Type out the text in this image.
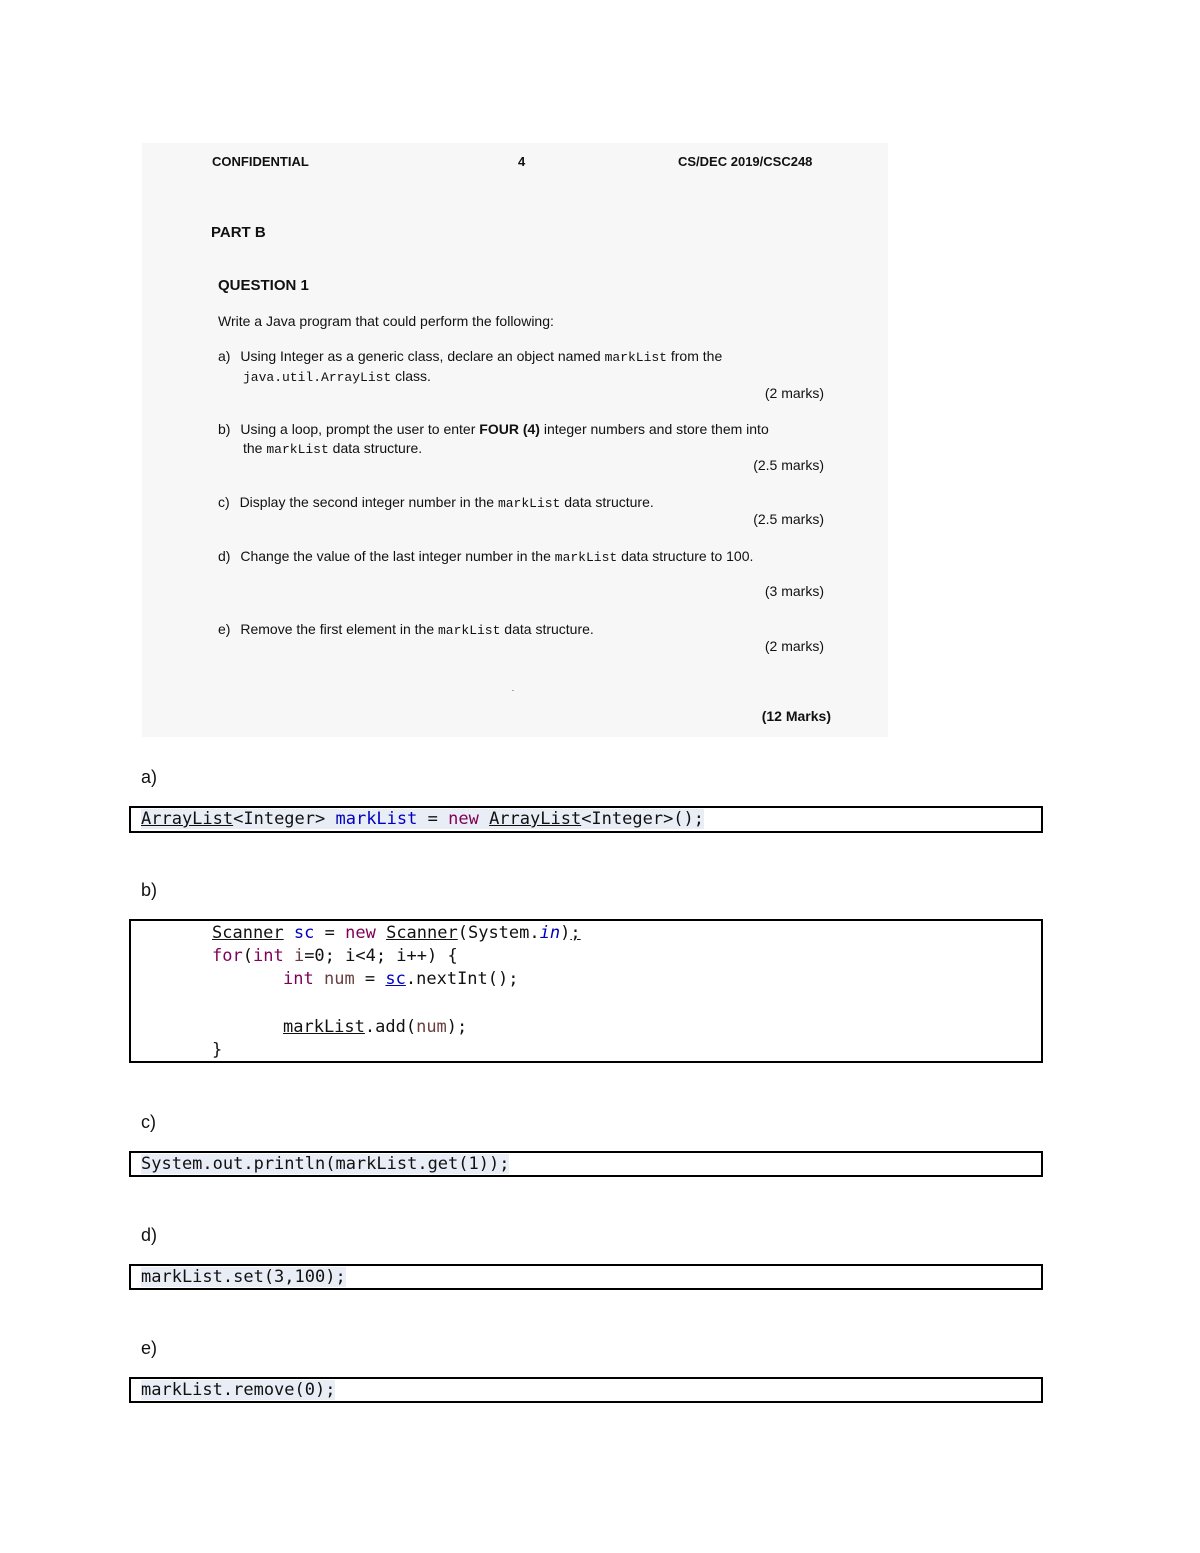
CONFIDENTIAL	4	CS/DEC 2019/CSC248
PART B
QUESTION 1
Write a Java program that could perform the following:
a) Using Integer as a generic class, declare an object named markList from the
java.util.ArrayList class.
(2 marks)
b) Using a loop, prompt the user to enter FOUR (4) integer numbers and store them into
the markList data structure.
(2.5 marks)
c) Display the second integer number in the markList data structure.
(2.5 marks)
d) Change the value of the last integer number in the markList data structure to 100.
(3 marks)
e) Remove the first element in the markList data structure.
(2 marks)
(12 Marks)
a)
ArrayList<Integer> markList = new ArrayList<Integer>();
b)
Scanner sc = new Scanner(System.in);
for(int i=0; i<4; i++) {
int num = sc.nextInt();
markList.add(num);
}
c)
System.out.println(markList.get(1));
d)
markList.set(3,100);
e)
markList.remove(0);
